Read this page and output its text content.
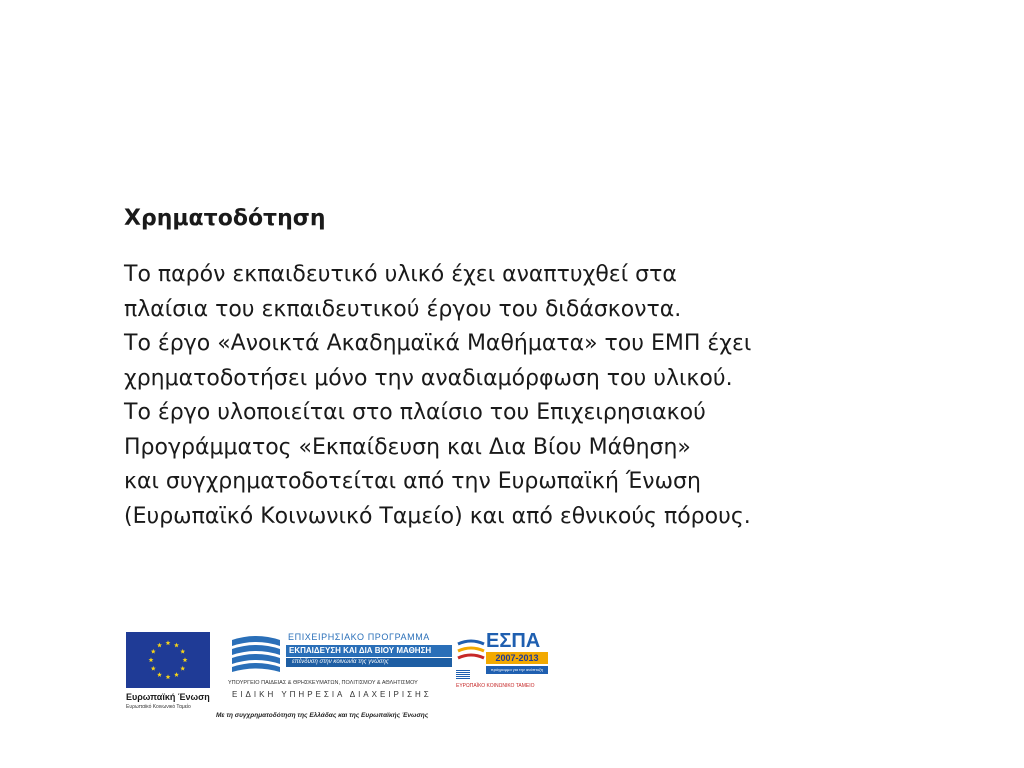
Χρηματοδότηση
Το παρόν εκπαιδευτικό υλικό έχει αναπτυχθεί στα
πλαίσια του εκπαιδευτικού έργου του διδάσκοντα.
Το έργο «Ανοικτά Ακαδημαϊκά Μαθήματα» του ΕΜΠ έχει
χρηματοδοτήσει μόνο την αναδιαμόρφωση του υλικού.
Το έργο υλοποιείται στο πλαίσιο του Επιχειρησιακού
Προγράμματος «Εκπαίδευση και Δια Βίου Μάθηση»
και συγχρηματοδοτείται από την Ευρωπαϊκή Ένωση
(Ευρωπαϊκό Κοινωνικό Ταμείο) και από εθνικούς πόρους.
Ευρωπαϊκή Ένωση
Ευρωπαϊκό Κοινωνικό Ταμείο
ΕΠΙΧΕΙΡΗΣΙΑΚΟ ΠΡΟΓΡΑΜΜΑ
ΕΚΠΑΙΔΕΥΣΗ ΚΑΙ ΔΙΑ ΒΙΟΥ ΜΑΘΗΣΗ
επένδυση στην κοινωνία της γνώσης
ΥΠΟΥΡΓΕΙΟ ΠΑΙΔΕΙΑΣ & ΘΡΗΣΚΕΥΜΑΤΩΝ, ΠΟΛΙΤΙΣΜΟΥ & ΑΘΛΗΤΙΣΜΟΥ
ΕΙΔΙΚΗ ΥΠΗΡΕΣΙΑ ΔΙΑΧΕΙΡΙΣΗΣ
ΕΣΠΑ
2007-2013
πρόγραμμα για την ανάπτυξη
ΕΥΡΩΠΑΪΚΟ ΚΟΙΝΩΝΙΚΟ ΤΑΜΕΙΟ
Με τη συγχρηματοδότηση της Ελλάδας και της Ευρωπαϊκής Ένωσης
